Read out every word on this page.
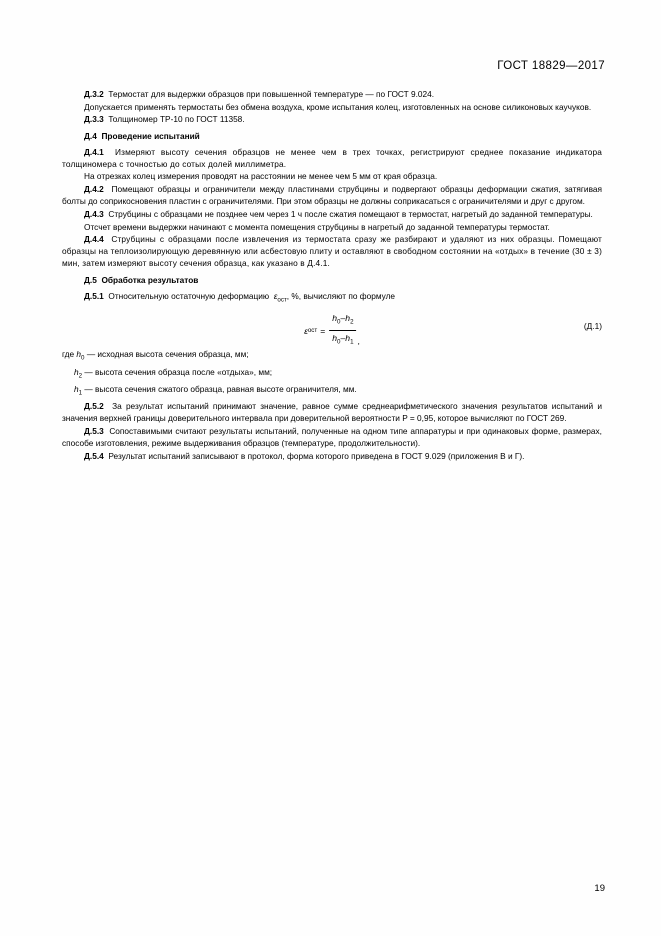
ГОСТ 18829—2017

Д.3.2 Термостат для выдержки образцов при повышенной температуре — по ГОСТ 9.024.

Допускается применять термостаты без обмена воздуха, кроме испытания колец, изготовленных на основе силиконовых каучуков.

Д.3.3 Толщиномер ТР-10 по ГОСТ 11358.

Д.4 Проведение испытаний

Д.4.1 Измеряют высоту сечения образцов не менее чем в трех точках, регистрируют среднее показание индикатора толщиномера с точностью до сотых долей миллиметра.

На отрезках колец измерения проводят на расстоянии не менее чем 5 мм от края образца.

Д.4.2 Помещают образцы и ограничители между пластинами струбцины и подвергают образцы деформации сжатия, затягивая болты до соприкосновения пластин с ограничителями. При этом образцы не должны соприкасаться с ограничителями и друг с другом.

Д.4.3 Струбцины с образцами не позднее чем через 1 ч после сжатия помещают в термостат, нагретый до заданной температуры.

Отсчет времени выдержки начинают с момента помещения струбцины в нагретый до заданной температуры термостат.

Д.4.4 Струбцины с образцами после извлечения из термостата сразу же разбирают и удаляют из них образцы. Помещают образцы на теплоизолирующую деревянную или асбестовую плиту и оставляют в свободном состоянии на «отдых» в течение (30 ± 3) мин, затем измеряют высоту сечения образца, как указано в Д.4.1.

Д.5 Обработка результатов

Д.5.1 Относительную остаточную деформацию $\varepsilon_{ост}$, %, вычисляют по формуле

ε ост = $\frac{h_0-h_2}{h_0-h_1}$ ,
(Д.1)

где $h_0$ — исходная высота сечения образца, мм;

$h_2$ — высота сечения образца после «отдыха», мм;

$h_1$ — высота сечения сжатого образца, равная высоте ограничителя, мм.

Д.5.2 За результат испытаний принимают значение, равное сумме среднеарифметического значения результатов испытаний и значения верхней границы доверительного интервала при доверительной вероятности P = 0,95, которое вычисляют по ГОСТ 269.

Д.5.3 Сопоставимыми считают результаты испытаний, полученные на одном типе аппаратуры и при одинаковых форме, размерах, способе изготовления, режиме выдерживания образцов (температуре, продолжительности).

Д.5.4 Результат испытаний записывают в протокол, форма которого приведена в ГОСТ 9.029 (приложения В и Г).

19
